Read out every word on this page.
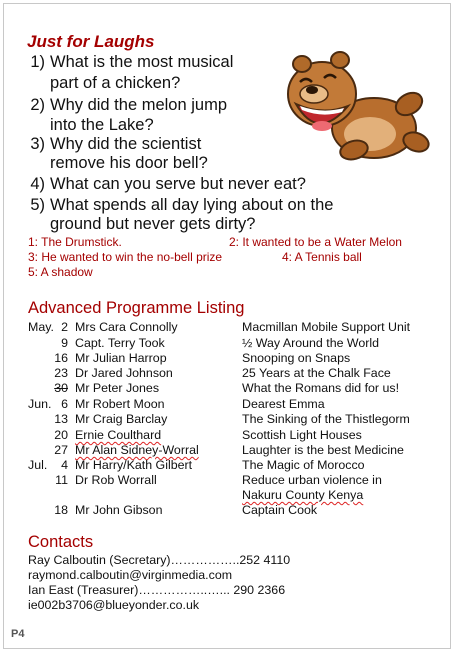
Just for Laughs
1) What is the most musical
part of a chicken?
2) Why did the melon jump
into the Lake?
3) Why did the scientist
remove his door bell?
4) What can you serve but never eat?
5) What spends all day lying about on the
ground but never gets dirty?
1: The Drumstick.	2: It wanted to be a Water Melon
3: He wanted to win the no-bell prize	4: A Tennis ball
5: A shadow
Advanced Programme Listing
May. 2 Mrs Cara Connolly	Macmillan Mobile Support Unit
9 Capt. Terry Took	½ Way Around the World
16 Mr Julian Harrop	Snooping on Snaps
23 Dr Jared Johnson	25 Years at the Chalk Face
30 Mr Peter Jones	What the Romans did for us!
Jun. 6 Mr Robert Moon	Dearest Emma
13 Mr Craig Barclay	The Sinking of the Thistlegorm
20 Ernie Coulthard	Scottish Light Houses
27 Mr Alan Sidney-Worral	Laughter is the best Medicine
Jul.	4 Mr Harry/Kath Gilbert	The Magic of Morocco
11 Dr Rob Worrall	Reduce urban violence in
Nakuru County Kenya
18 Mr John Gibson	Captain Cook
Contacts
Ray Calboutin (Secretary)……………..252 4110
raymond.calboutin@virginmedia.com
Ian East (Treasurer)……………..…... 290 2366
ie002b3706@blueyonder.co.uk
P4
